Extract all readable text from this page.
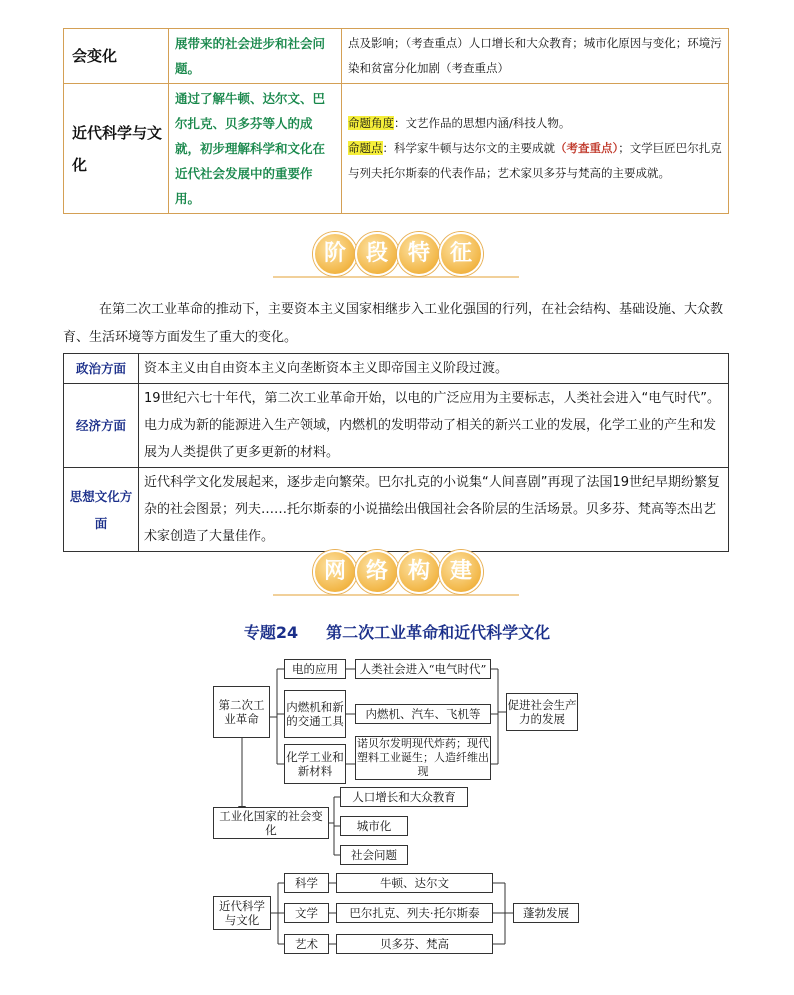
会变化	展带来的社会进步和社会问题。	点及影响；（考查重点）人口增长和大众教育；城市化原因与变化；环境污染和贫富分化加剧（考查重点）
近代科学与文化	通过了解牛顿、达尔文、巴尔扎克、贝多芬等人的成就，初步理解科学和文化在近代社会发展中的重要作用。	命题角度：文艺作品的思想内涵/科技人物。
命题点：科学家牛顿与达尔文的主要成就（考查重点）；文学巨匠巴尔扎克与列夫托尔斯泰的代表作品；艺术家贝多芬与梵高的主要成就。
阶 段 特 征
在第二次工业革命的推动下，主要资本主义国家相继步入工业化强国的行列，在社会结构、基础设施、大众教育、生活环境等方面发生了重大的变化。
政治方面	资本主义由自由资本主义向垄断资本主义即帝国主义阶段过渡。
经济方面	19世纪六七十年代，第二次工业革命开始，以电的广泛应用为主要标志，人类社会进入“电气时代”。电力成为新的能源进入生产领域，内燃机的发明带动了相关的新兴工业的发展，化学工业的产生和发展为人类提供了更多更新的材料。
思想文化方面	近代科学文化发展起来，逐步走向繁荣。巴尔扎克的小说集“人间喜剧”再现了法国19世纪早期纷繁复杂的社会图景；列夫……托尔斯泰的小说描绘出俄国社会各阶层的生活场景。贝多芬、梵高等杰出艺术家创造了大量佳作。
网 络 构 建
专题24 第二次工业革命和近代科学文化
第二次工业革命
电的应用
内燃机和新的交通工具
化学工业和新材料
人类社会进入“电气时代”
内燃机、汽车、飞机等
诺贝尔发明现代炸药；现代塑料工业诞生；人造纤维出现
促进社会生产力的发展
工业化国家的社会变化
人口增长和大众教育
城市化
社会问题
近代科学与文化
科学
文学
艺术
牛顿、达尔文
巴尔扎克、列夫·托尔斯泰
贝多芬、梵高
蓬勃发展
